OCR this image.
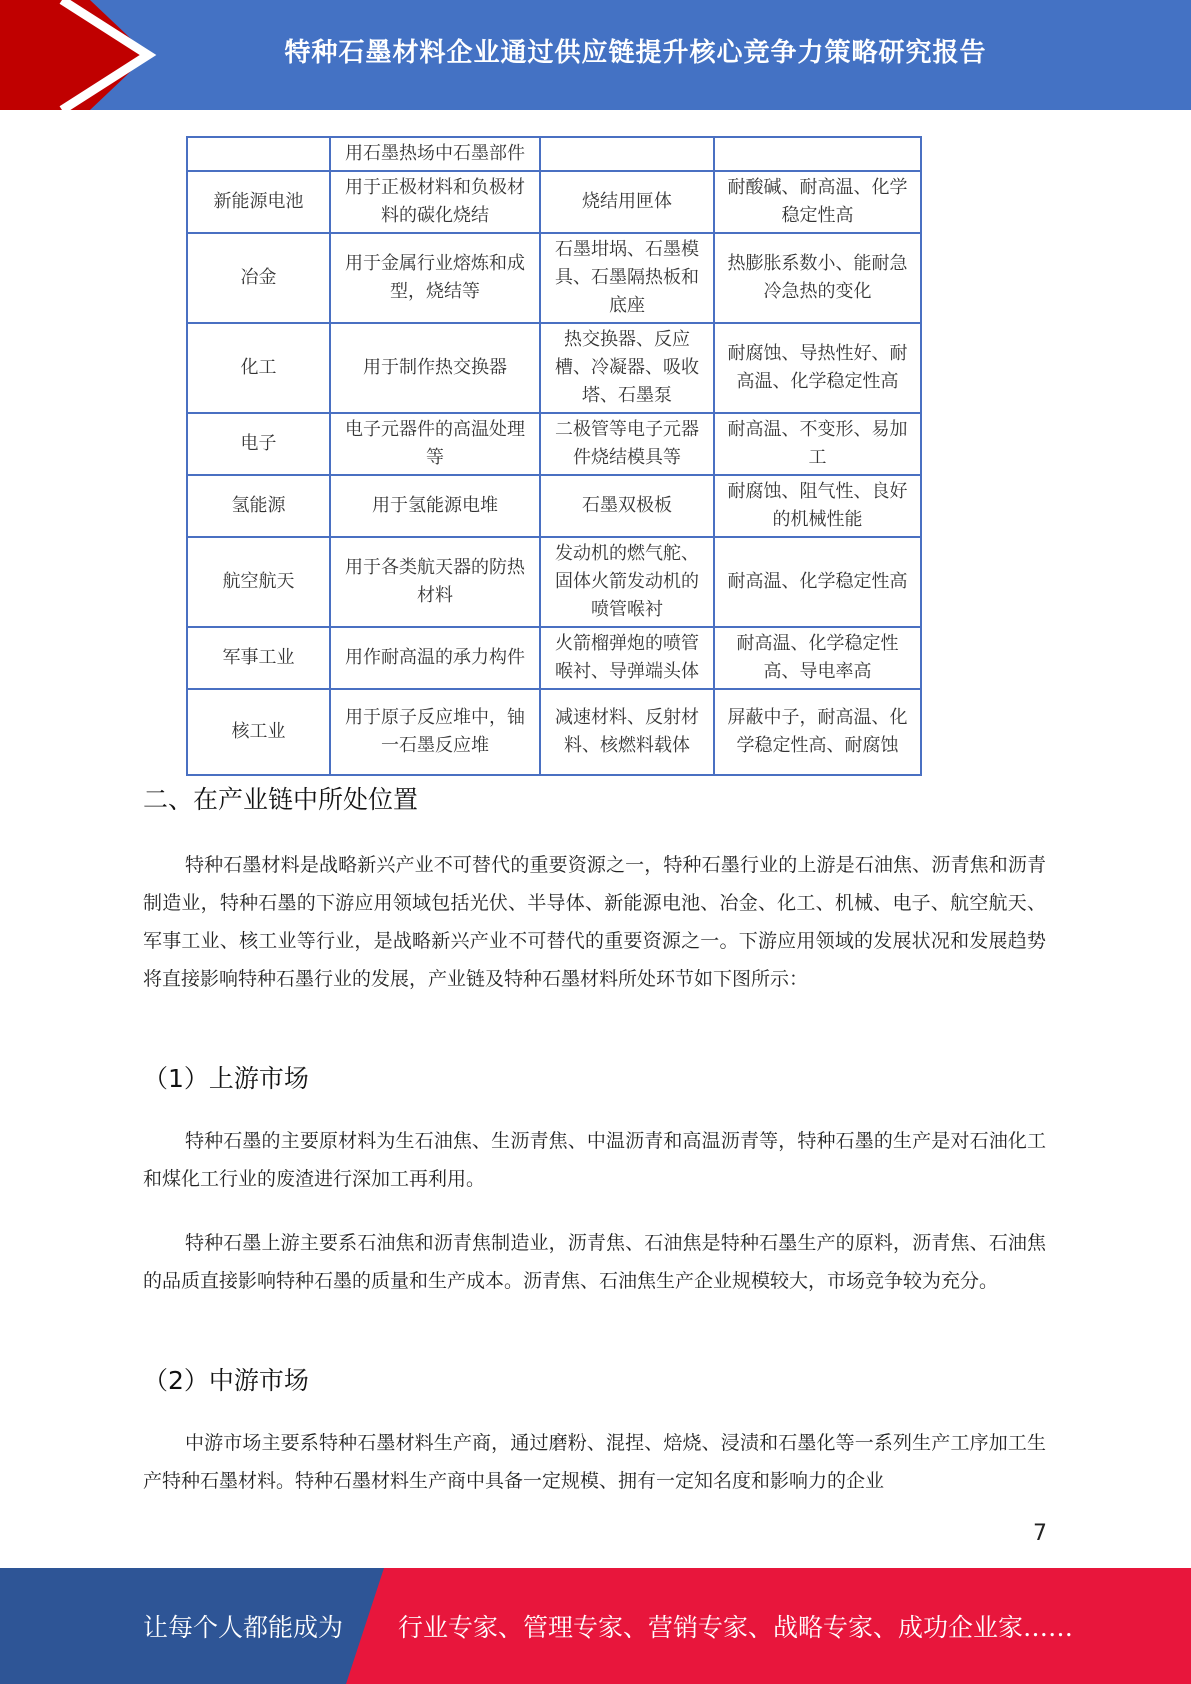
特种石墨材料企业通过供应链提升核心竞争力策略研究报告
	用石墨热场中石墨部件		
新能源电池	用于正极材料和负极材料的碳化烧结	烧结用匣体	耐酸碱、耐高温、化学稳定性高
冶金	用于金属行业熔炼和成型，烧结等	石墨坩埚、石墨模具、石墨隔热板和底座	热膨胀系数小、能耐急冷急热的变化
化工	用于制作热交换器	热交换器、反应槽、冷凝器、吸收塔、石墨泵	耐腐蚀、导热性好、耐高温、化学稳定性高
电子	电子元器件的高温处理等	二极管等电子元器件烧结模具等	耐高温、不变形、易加工
氢能源	用于氢能源电堆	石墨双极板	耐腐蚀、阻气性、良好的机械性能
航空航天	用于各类航天器的防热材料	发动机的燃气舵、固体火箭发动机的喷管喉衬	耐高温、化学稳定性高
军事工业	用作耐高温的承力构件	火箭榴弹炮的喷管喉衬、导弹端头体	耐高温、化学稳定性高、导电率高
核工业	用于原子反应堆中，铀一石墨反应堆	减速材料、反射材料、核燃料载体	屏蔽中子，耐高温、化学稳定性高、耐腐蚀
二、在产业链中所处位置

特种石墨材料是战略新兴产业不可替代的重要资源之一，特种石墨行业的上游是石油焦、沥青焦和沥青制造业，特种石墨的下游应用领域包括光伏、半导体、新能源电池、冶金、化工、机械、电子、航空航天、军事工业、核工业等行业，是战略新兴产业不可替代的重要资源之一。下游应用领域的发展状况和发展趋势将直接影响特种石墨行业的发展，产业链及特种石墨材料所处环节如下图所示：

（1）上游市场

特种石墨的主要原材料为生石油焦、生沥青焦、中温沥青和高温沥青等，特种石墨的生产是对石油化工和煤化工行业的废渣进行深加工再利用。

特种石墨上游主要系石油焦和沥青焦制造业，沥青焦、石油焦是特种石墨生产的原料，沥青焦、石油焦的品质直接影响特种石墨的质量和生产成本。沥青焦、石油焦生产企业规模较大，市场竞争较为充分。

（2）中游市场

中游市场主要系特种石墨材料生产商，通过磨粉、混捏、焙烧、浸渍和石墨化等一系列生产工序加工生产特种石墨材料。特种石墨材料生产商中具备一定规模、拥有一定知名度和影响力的企业

7
让每个人都能成为 行业专家、管理专家、营销专家、战略专家、成功企业家……
